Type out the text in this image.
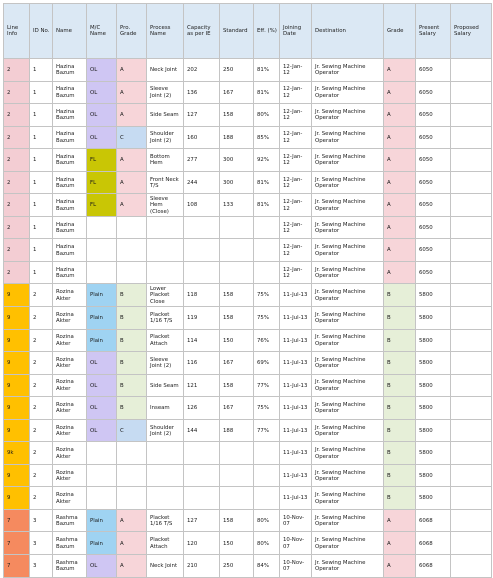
Line Info	ID No.	Name	M/C Name	Pro. Grade	Process Name	Capacity as per IE	Standard	Eff. (%)	Joining Date	Destination	Grade	Present Salary	Proposed Salary
2	1	Hazina Bazum	OL	A	Neck Joint	202	250	81%	12-Jan-12	Jr. Sewing Machine Operator	A	6050	
2	1	Hazina Bazum	OL	A	Sleeve Joint (2)	136	167	81%	12-Jan-12	Jr. Sewing Machine Operator	A	6050	
2	1	Hazina Bazum	OL	A	Side Seam	127	158	80%	12-Jan-12	Jr. Sewing Machine Operator	A	6050	
2	1	Hazina Bazum	OL	C	Shoulder Joint (2)	160	188	85%	12-Jan-12	Jr. Sewing Machine Operator	A	6050	
2	1	Hazina Bazum	FL	A	Bottom Hem	277	300	92%	12-Jan-12	Jr. Sewing Machine Operator	A	6050	
2	1	Hazina Bazum	FL	A	Front Neck T/S	244	300	81%	12-Jan-12	Jr. Sewing Machine Operator	A	6050	
2	1	Hazina Bazum	FL	A	Sleeve Hem (Close)	108	133	81%	12-Jan-12	Jr. Sewing Machine Operator	A	6050	
2	1	Hazina Bazum							12-Jan-12	Jr. Sewing Machine Operator	A	6050	
2	1	Hazina Bazum							12-Jan-12	Jr. Sewing Machine Operator	A	6050	
2	1	Hazina Bazum							12-Jan-12	Jr. Sewing Machine Operator	A	6050	
9	2	Rozina Akter	Plain	B	Lower Placket Close	118	158	75%	11-Jul-13	Jr. Sewing Machine Operator	B	5800	
9	2	Rozina Akter	Plain	B	Placket 1/16 T/S	119	158	75%	11-Jul-13	Jr. Sewing Machine Operator	B	5800	
9	2	Rozina Akter	Plain	B	Placket Attach	114	150	76%	11-Jul-13	Jr. Sewing Machine Operator	B	5800	
9	2	Rozina Akter	OL	B	Sleeve Joint (2)	116	167	69%	11-Jul-13	Jr. Sewing Machine Operator	B	5800	
9	2	Rozina Akter	OL	B	Side Seam	121	158	77%	11-Jul-13	Jr. Sewing Machine Operator	B	5800	
9	2	Rozina Akter	OL	B	Inseam	126	167	75%	11-Jul-13	Jr. Sewing Machine Operator	B	5800	
9	2	Rozina Akter	OL	C	Shoulder Joint (2)	144	188	77%	11-Jul-13	Jr. Sewing Machine Operator	B	5800	
9k	2	Rozina Akter							11-Jul-13	Jr. Sewing Machine Operator	B	5800	
9	2	Rozina Akter							11-Jul-13	Jr. Sewing Machine Operator	B	5800	
9	2	Rozina Akter							11-Jul-13	Jr. Sewing Machine Operator	B	5800	
7	3	Rashma Bazum	Plain	A	Placket 1/16 T/S	127	158	80%	10-Nov-07	Jr. Sewing Machine Operator	A	6068	
7	3	Rashma Bazum	Plain	A	Placket Attach	120	150	80%	10-Nov-07	Jr. Sewing Machine Operator	A	6068	
7	3	Rashma Bazum	OL	A	Neck Joint	210	250	84%	10-Nov-07	Jr. Sewing Machine Operator	A	6068	
